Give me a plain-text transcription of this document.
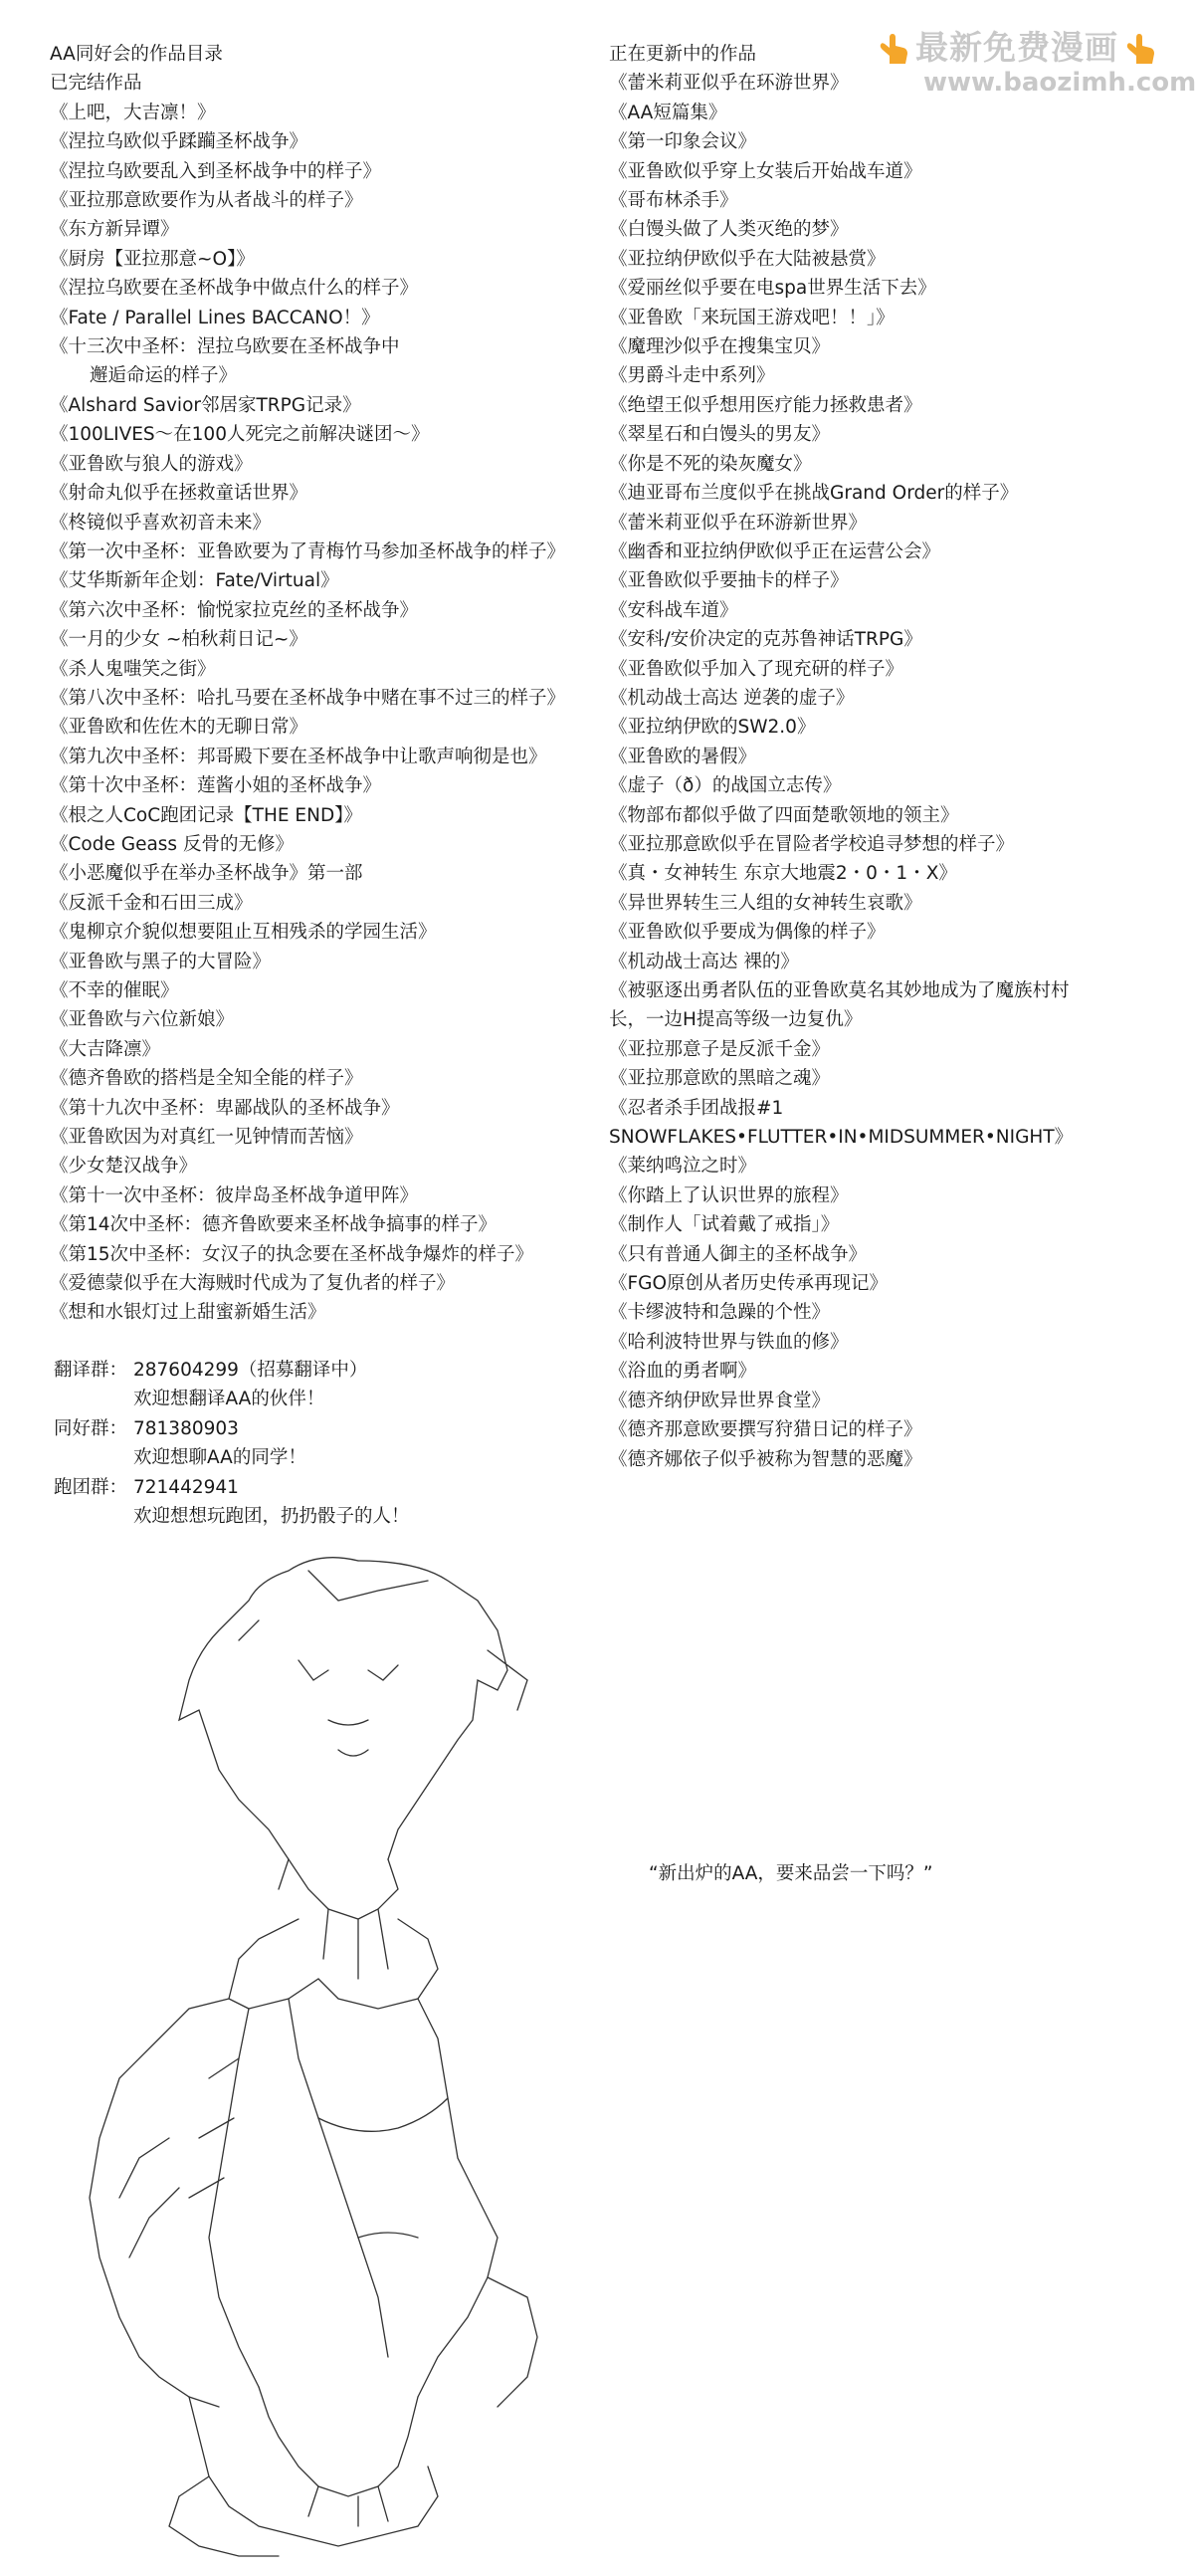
最新免费漫画
www.baozimh.com
AA同好会的作品目录
已完结作品
《上吧，大吉凛！》
《涅拉乌欧似乎蹂躏圣杯战争》
《涅拉乌欧要乱入到圣杯战争中的样子》
《亚拉那意欧要作为从者战斗的样子》
《东方新异谭》
《厨房【亚拉那意~O】》
《涅拉乌欧要在圣杯战争中做点什么的样子》
《Fate / Parallel Lines BACCANO！》
《十三次中圣杯：涅拉乌欧要在圣杯战争中
邂逅命运的样子》
《Alshard Savior邻居家TRPG记录》
《100LIVES～在100人死完之前解决谜团～》
《亚鲁欧与狼人的游戏》
《射命丸似乎在拯救童话世界》
《柊镜似乎喜欢初音未来》
《第一次中圣杯：亚鲁欧要为了青梅竹马参加圣杯战争的样子》
《艾华斯新年企划：Fate/Virtual》
《第六次中圣杯：愉悦家拉克丝的圣杯战争》
《一月的少女 ~柏秋莉日记~》
《杀人鬼嗤笑之街》
《第八次中圣杯：哈扎马要在圣杯战争中赌在事不过三的样子》
《亚鲁欧和佐佐木的无聊日常》
《第九次中圣杯：邦哥殿下要在圣杯战争中让歌声响彻是也》
《第十次中圣杯：莲酱小姐的圣杯战争》
《根之人CoC跑团记录【THE END】》
《Code Geass 反骨的无修》
《小恶魔似乎在举办圣杯战争》第一部
《反派千金和石田三成》
《鬼柳京介貌似想要阻止互相残杀的学园生活》
《亚鲁欧与黑子的大冒险》
《不幸的催眠》
《亚鲁欧与六位新娘》
《大吉降凛》
《德齐鲁欧的搭档是全知全能的样子》
《第十九次中圣杯：卑鄙战队的圣杯战争》
《亚鲁欧因为对真红一见钟情而苦恼》
《少女楚汉战争》
《第十一次中圣杯：彼岸岛圣杯战争道甲阵》
《第14次中圣杯：德齐鲁欧要来圣杯战争搞事的样子》
《第15次中圣杯：女汉子的执念要在圣杯战争爆炸的样子》
《爱德蒙似乎在大海贼时代成为了复仇者的样子》
《想和水银灯过上甜蜜新婚生活》
正在更新中的作品
《蕾米莉亚似乎在环游世界》
《AA短篇集》
《第一印象会议》
《亚鲁欧似乎穿上女装后开始战车道》
《哥布林杀手》
《白馒头做了人类灭绝的梦》
《亚拉纳伊欧似乎在大陆被悬赏》
《爱丽丝似乎要在电spa世界生活下去》
《亚鲁欧「来玩国王游戏吧！！」》
《魔理沙似乎在搜集宝贝》
《男爵斗走中系列》
《绝望王似乎想用医疗能力拯救患者》
《翠星石和白馒头的男友》
《你是不死的染灰魔女》
《迪亚哥布兰度似乎在挑战Grand Order的样子》
《蕾米莉亚似乎在环游新世界》
《幽香和亚拉纳伊欧似乎正在运营公会》
《亚鲁欧似乎要抽卡的样子》
《安科战车道》
《安科/安价决定的克苏鲁神话TRPG》
《亚鲁欧似乎加入了现充研的样子》
《机动战士高达 逆袭的虚子》
《亚拉纳伊欧的SW2.0》
《亚鲁欧的暑假》
《虚子（ð）的战国立志传》
《物部布都似乎做了四面楚歌领地的领主》
《亚拉那意欧似乎在冒险者学校追寻梦想的样子》
《真・女神转生 东京大地震2・0・1・X》
《异世界转生三人组的女神转生哀歌》
《亚鲁欧似乎要成为偶像的样子》
《机动战士高达 裸的》
《被驱逐出勇者队伍的亚鲁欧莫名其妙地成为了魔族村村长，一边H提高等级一边复仇》
《亚拉那意子是反派千金》
《亚拉那意欧的黑暗之魂》
《忍者杀手团战报#1 SNOWFLAKES•FLUTTER•IN•MIDSUMMER•NIGHT》
《莱纳鸣泣之时》
《你踏上了认识世界的旅程》
《制作人「试着戴了戒指」》
《只有普通人御主的圣杯战争》
《FGO原创从者历史传承再现记》
《卡缪波特和急躁的个性》
《哈利波特世界与铁血的修》
《浴血的勇者啊》
《德齐纳伊欧异世界食堂》
《德齐那意欧要撰写狩猎日记的样子》
《德齐娜依子似乎被称为智慧的恶魔》
翻译群： 287604299（招募翻译中）
欢迎想翻译AA的伙伴！
同好群： 781380903
欢迎想聊AA的同学！
跑团群： 721442941
欢迎想想玩跑团，扔扔骰子的人！
“新出炉的AA，要来品尝一下吗？”
